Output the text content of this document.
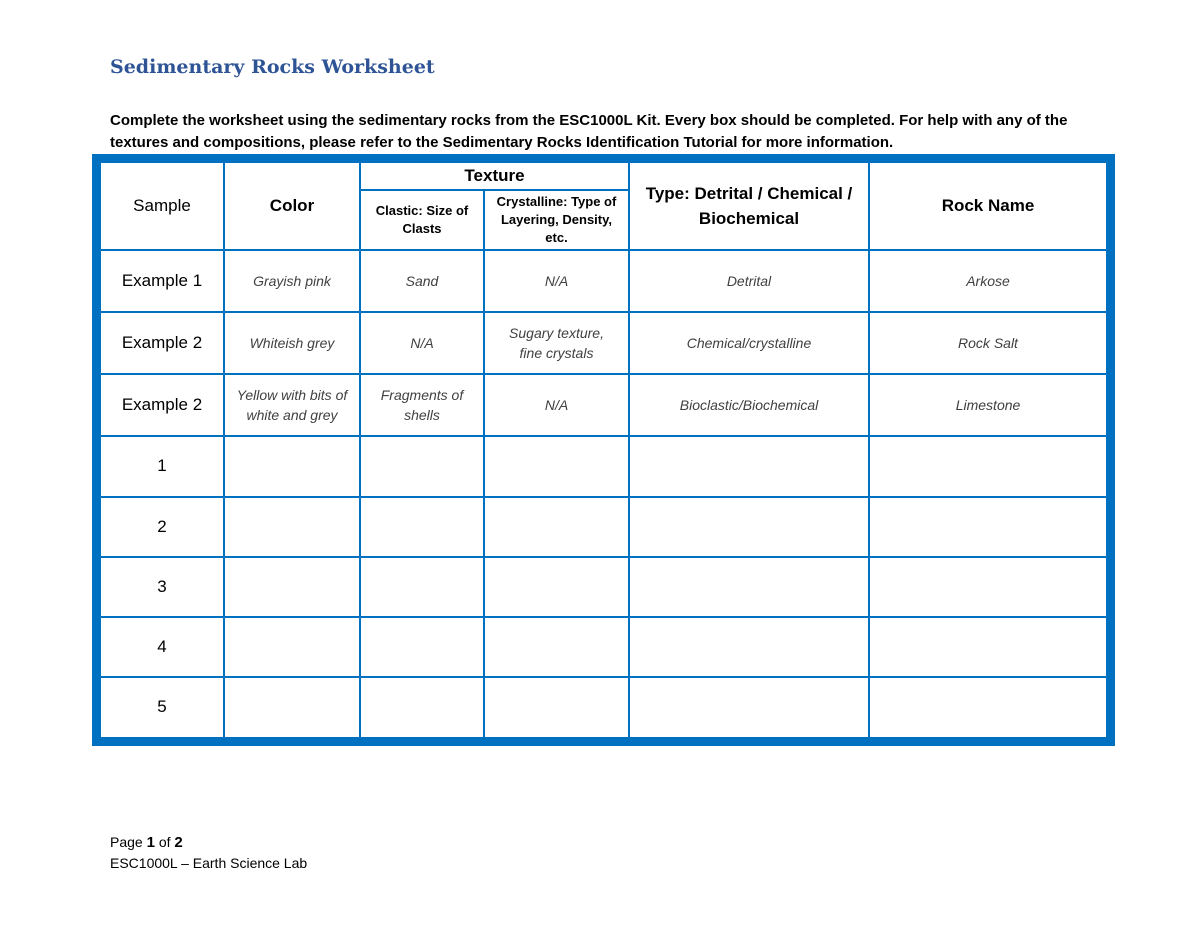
Sedimentary Rocks Worksheet
Complete the worksheet using the sedimentary rocks from the ESC1000L Kit. Every box should be completed. For help with any of the textures and compositions, please refer to the Sedimentary Rocks Identification Tutorial for more information.
Sample	Color	Texture		Type: Detrital / Chemical / Biochemical	Rock Name
		Clastic: Size of Clasts	Crystalline: Type of Layering, Density, etc.		
Example 1	Grayish pink	Sand	N/A	Detrital	Arkose
Example 2	Whiteish grey	N/A	Sugary texture, fine crystals	Chemical/crystalline	Rock Salt
Example 2	Yellow with bits of white and grey	Fragments of shells	N/A	Bioclastic/Biochemical	Limestone
1					
2					
3					
4					
5					
Page 1 of 2
ESC1000L – Earth Science Lab
